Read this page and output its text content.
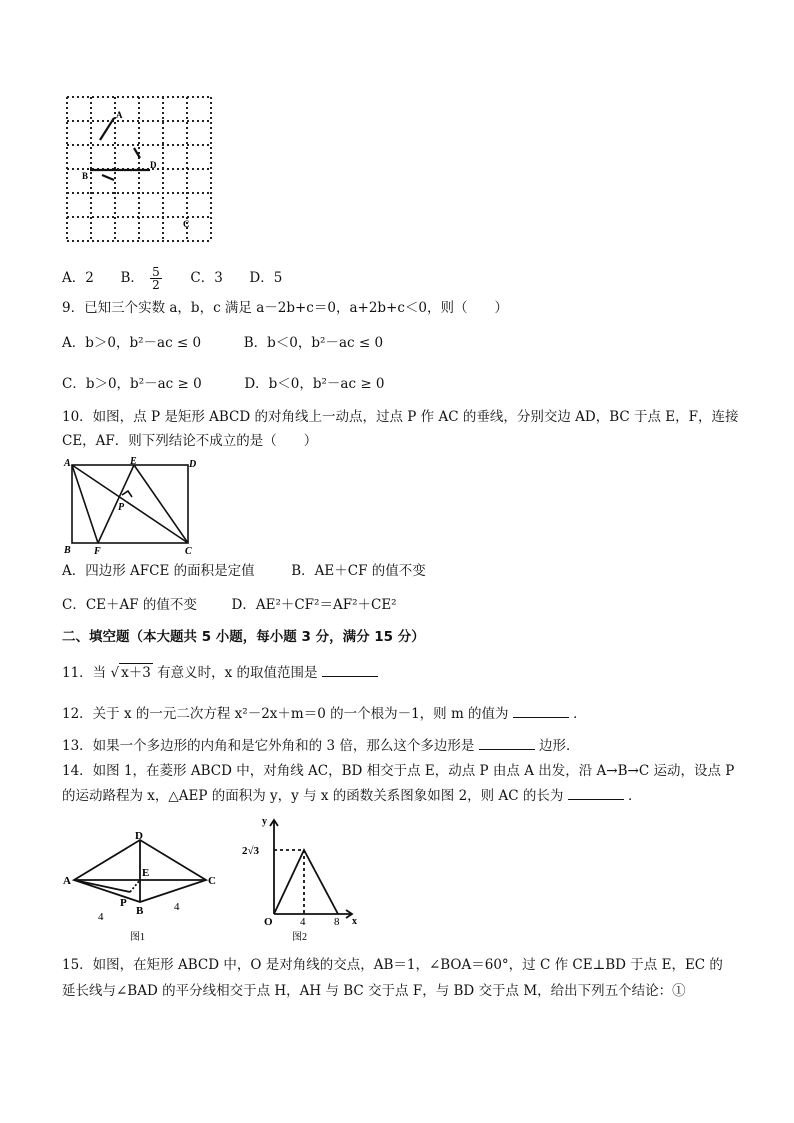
A
B
D
C
A．2 B． $\frac{5}{2}$ C．3 D．5
9．已知三个实数 a，b，c 满足 a－2b+c＝0，a+2b+c＜0，则（　　）
A．b＞0，b²－ac ≤ 0	B．b＜0，b²－ac ≤ 0
C．b＞0，b²－ac ≥ 0	D．b＜0，b²－ac ≥ 0
10．如图，点 P 是矩形 ABCD 的对角线上一动点，过点 P 作 AC 的垂线，分别交边 AD，BC 于点 E，F，连接
CE，AF．则下列结论不成立的是（　　）
A	E	D
P
B F	C
A．四边形 AFCE 的面积是定值	B．AE＋CF 的值不变
C．CE＋AF 的值不变	D．AE²＋CF²＝AF²＋CE²
二、填空题（本大题共 5 小题，每小题 3 分，满分 15 分）
11．当 √ x＋3 有意义时，x 的取值范围是
12．关于 x 的一元二次方程 x²－2x＋m＝0 的一个根为－1，则 m 的值为	．
13．如果一个多边形的内角和是它外角和的 3 倍，那么这个多边形是	边形．
14．如图 1，在菱形 ABCD 中，对角线 AC，BD 相交于点 E，动点 P 由点 A 出发，沿 A→B→C 运动，设点 P
的运动路程为 x，△AEP 的面积为 y，y 与 x 的函数关系图象如图 2，则 AC 的长为	．
D
A
E
C
P
B
4
4
图1
y
2√3
O 4	8 x
图2
15．如图，在矩形 ABCD 中，O 是对角线的交点，AB＝1，∠BOA＝60°，过 C 作 CE⊥BD 于点 E，EC 的
延长线与∠BAD 的平分线相交于点 H，AH 与 BC 交于点 F，与 BD 交于点 M，给出下列五个结论：①
